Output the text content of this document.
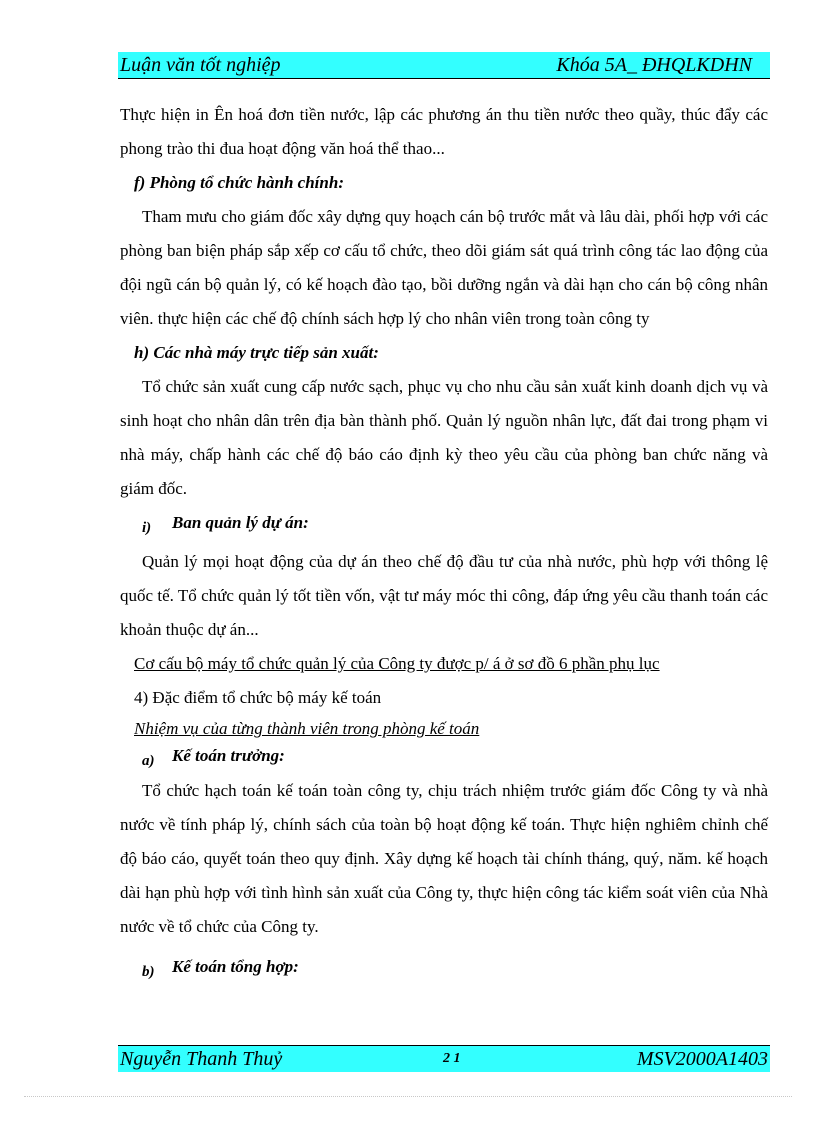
Luận văn tốt nghiệp	Khóa 5A_ ĐHQLKDHN

Thực hiện in Ên hoá đơn tiền nước, lập các phương án thu tiền nước theo quầy, thúc đẩy các phong trào thi đua hoạt động văn hoá thể thao...

f) Phòng tổ chức hành chính:

Tham mưu cho giám đốc xây dựng quy hoạch cán bộ trước mắt và lâu dài, phối hợp với các phòng ban biện pháp sắp xếp cơ cấu tổ chức, theo dõi giám sát quá trình công tác lao động của đội ngũ cán bộ quản lý, có kế hoạch đào tạo, bồi dưỡng ngắn và dài hạn cho cán bộ công nhân viên. thực hiện các chế độ chính sách hợp lý cho nhân viên trong toàn công ty

h) Các nhà máy trực tiếp sản xuất:

Tổ chức sản xuất cung cấp nước sạch, phục vụ cho nhu cầu sản xuất kinh doanh dịch vụ và sinh hoạt cho nhân dân trên địa bàn thành phố. Quản lý nguồn nhân lực, đất đai trong phạm vi nhà máy, chấp hành các chế độ báo cáo định kỳ theo yêu cầu của phòng ban chức năng và giám đốc.

i) Ban quản lý dự án:

Quản lý mọi hoạt động của dự án theo chế độ đầu tư của nhà nước, phù hợp với thông lệ quốc tế. Tổ chức quản lý tốt tiền vốn, vật tư máy móc thi công, đáp ứng yêu cầu thanh toán các khoản thuộc dự án...

Cơ cấu bộ máy tổ chức quản lý của Công ty được p/ á ở sơ đồ 6 phần phụ lục

4) Đặc điểm tổ chức bộ máy kế toán

Nhiệm vụ của từng thành viên trong phòng kế toán

a) Kế toán trưởng:

Tổ chức hạch toán kế toán toàn công ty, chịu trách nhiệm trước giám đốc Công ty và nhà nước về tính pháp lý, chính sách của toàn bộ hoạt động kế toán. Thực hiện nghiêm chỉnh chế độ báo cáo, quyết toán theo quy định. Xây dựng kế hoạch tài chính tháng, quý, năm. kế hoạch dài hạn phù hợp với tình hình sản xuất của Công ty, thực hiện công tác kiểm soát viên của Nhà nước về tổ chức của Công ty.

b) Kế toán tổng hợp:

Nguyễn Thanh Thuỷ	2 1	MSV2000A1403
